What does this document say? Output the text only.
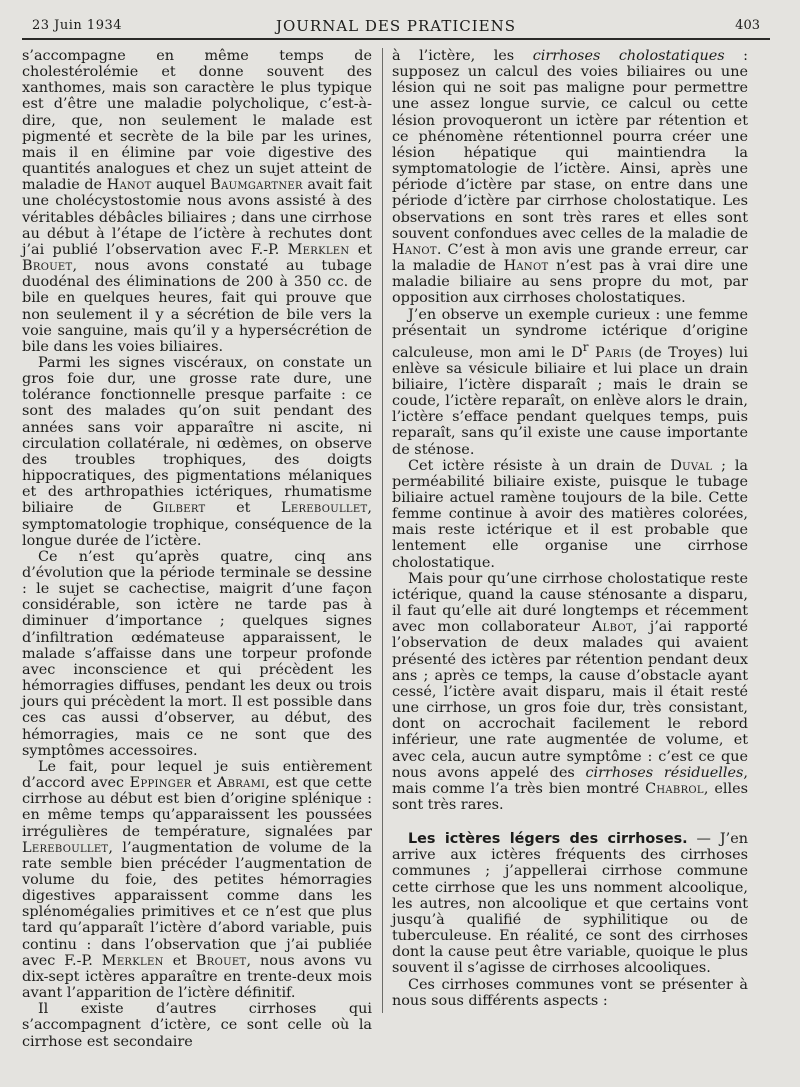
23 Juin 1934	JOURNAL DES PRATICIENS	403

s’accompagne en même temps de cholestérolémie et donne souvent des xanthomes, mais son caractère le plus typique est d’être une maladie polycholique, c’est-à-dire, que, non seulement le malade est pigmenté et secrète de la bile par les urines, mais il en élimine par voie digestive des quantités analogues et chez un sujet atteint de maladie de Hanot auquel Baumgartner avait fait une cholécystostomie nous avons assisté à des véritables débâcles biliaires ; dans une cirrhose au début à l’étape de l’ictère à rechutes dont j’ai publié l’observation avec F.-P. Merklen et Brouet, nous avons constaté au tubage duodénal des éliminations de 200 à 350 cc. de bile en quelques heures, fait qui prouve que non seulement il y a sécrétion de bile vers la voie sanguine, mais qu’il y a hypersécrétion de bile dans les voies biliaires.

Parmi les signes viscéraux, on constate un gros foie dur, une grosse rate dure, une tolérance fonctionnelle presque parfaite : ce sont des malades qu’on suit pendant des années sans voir apparaître ni ascite, ni circulation collatérale, ni œdèmes, on observe des troubles trophiques, des doigts hippocratiques, des pigmentations mélaniques et des arthropathies ictériques, rhumatisme biliaire de Gilbert et Lereboullet, symptomatologie trophique, conséquence de la longue durée de l’ictère.

Ce n’est qu’après quatre, cinq ans d’évolution que la période terminale se dessine : le sujet se cachectise, maigrit d’une façon considérable, son ictère ne tarde pas à diminuer d’importance ; quelques signes d’infiltration œdémateuse apparaissent, le malade s’affaisse dans une torpeur profonde avec inconscience et qui précèdent les hémorragies diffuses, pendant les deux ou trois jours qui précèdent la mort. Il est possible dans ces cas aussi d’observer, au début, des hémorragies, mais ce ne sont que des symptômes accessoires.

Le fait, pour lequel je suis entièrement d’accord avec Eppinger et Abrami, est que cette cirrhose au début est bien d’origine splénique : en même temps qu’apparaissent les poussées irrégulières de température, signalées par Lereboullet, l’augmentation de volume de la rate semble bien précéder l’augmentation de volume du foie, des petites hémorragies digestives apparaissent comme dans les splénomégalies primitives et ce n’est que plus tard qu’apparaît l’ictère d’abord variable, puis continu : dans l’observation que j’ai publiée avec F.-P. Merklen et Brouet, nous avons vu dix-sept ictères apparaître en trente-deux mois avant l’apparition de l’ictère définitif.

Il existe d’autres cirrhoses qui s’accompagnent d’ictère, ce sont celle où la cirrhose est secondaire

à l’ictère, les cirrhoses cholostatiques : supposez un calcul des voies biliaires ou une lésion qui ne soit pas maligne pour permettre une assez longue survie, ce calcul ou cette lésion provoqueront un ictère par rétention et ce phénomène rétentionnel pourra créer une lésion hépatique qui maintiendra la symptomatologie de l’ictère. Ainsi, après une période d’ictère par stase, on entre dans une période d’ictère par cirrhose cholostatique. Les observations en sont très rares et elles sont souvent confondues avec celles de la maladie de Hanot. C’est à mon avis une grande erreur, car la maladie de Hanot n’est pas à vrai dire une maladie biliaire au sens propre du mot, par opposition aux cirrhoses cholostatiques.

J’en observe un exemple curieux : une femme présentait un syndrome ictérique d’origine calculeuse, mon ami le $D^r$ Paris (de Troyes) lui enlève sa vésicule biliaire et lui place un drain biliaire, l’ictère disparaît ; mais le drain se coude, l’ictère reparaît, on enlève alors le drain, l’ictère s’efface pendant quelques temps, puis reparaît, sans qu’il existe une cause importante de sténose.

Cet ictère résiste à un drain de Duval ; la perméabilité biliaire existe, puisque le tubage biliaire actuel ramène toujours de la bile. Cette femme continue à avoir des matières colorées, mais reste ictérique et il est probable que lentement elle organise une cirrhose cholostatique.

Mais pour qu’une cirrhose cholostatique reste ictérique, quand la cause sténosante a disparu, il faut qu’elle ait duré longtemps et récemment avec mon collaborateur Albot, j’ai rapporté l’observation de deux malades qui avaient présenté des ictères par rétention pendant deux ans ; après ce temps, la cause d’obstacle ayant cessé, l’ictère avait disparu, mais il était resté une cirrhose, un gros foie dur, très consistant, dont on accrochait facilement le rebord inférieur, une rate augmentée de volume, et avec cela, aucun autre symptôme : c’est ce que nous avons appelé des cirrhoses résiduelles, mais comme l’a très bien montré Chabrol, elles sont très rares.

Les ictères légers des cirrhoses. — J’en arrive aux ictères fréquents des cirrhoses communes ; j’appellerai cirrhose commune cette cirrhose que les uns nomment alcoolique, les autres, non alcoolique et que certains vont jusqu’à qualifié de syphilitique ou de tuberculeuse. En réalité, ce sont des cirrhoses dont la cause peut être variable, quoique le plus souvent il s’agisse de cirrhoses alcooliques.

Ces cirrhoses communes vont se présenter à nous sous différents aspects :
